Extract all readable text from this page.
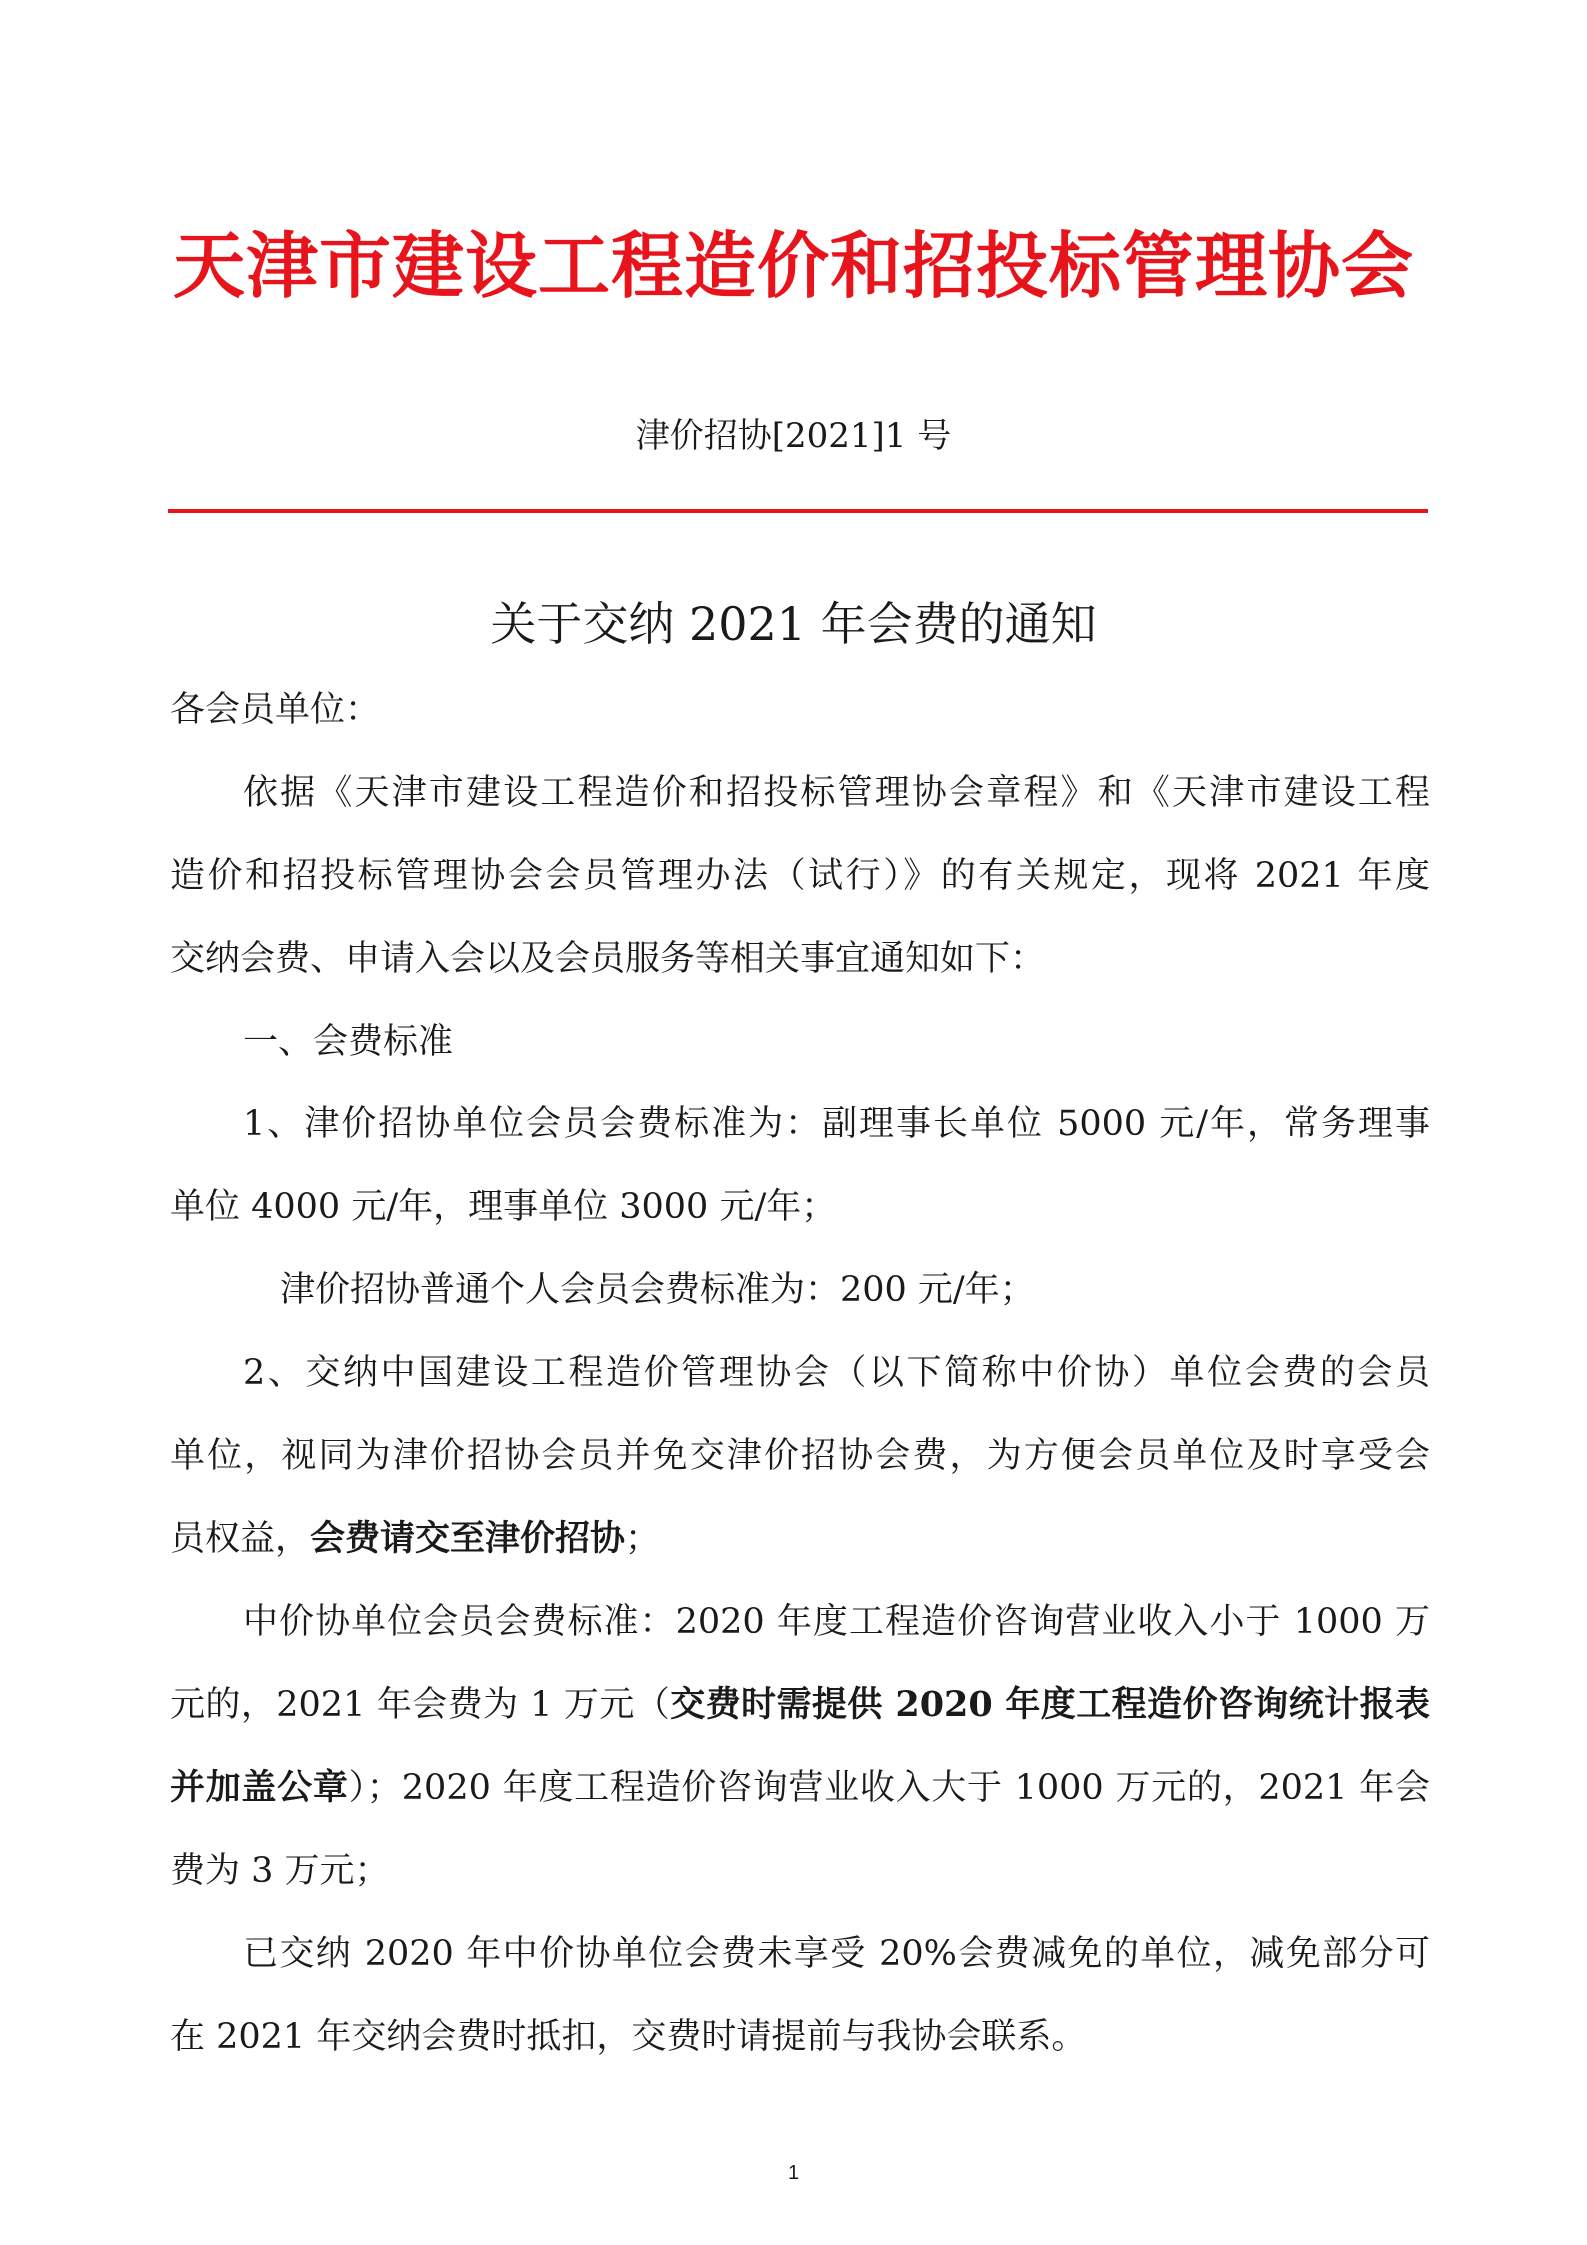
天津市建设工程造价和招投标管理协会
津价招协[2021]1 号
关于交纳 2021 年会费的通知
各会员单位：
依据《天津市建设工程造价和招投标管理协会章程》和《天津市建设工程
造价和招投标管理协会会员管理办法（试行）》的有关规定，现将 2021 年度
交纳会费、申请入会以及会员服务等相关事宜通知如下：
一、会费标准
1、津价招协单位会员会费标准为：副理事长单位 5000 元/年，常务理事
单位 4000 元/年，理事单位 3000 元/年；
津价招协普通个人会员会费标准为：200 元/年；
2、交纳中国建设工程造价管理协会（以下简称中价协）单位会费的会员
单位，视同为津价招协会员并免交津价招协会费，为方便会员单位及时享受会
员权益，会费请交至津价招协；
中价协单位会员会费标准：2020 年度工程造价咨询营业收入小于 1000 万
元的，2021 年会费为 1 万元（交费时需提供 2020 年度工程造价咨询统计报表
并加盖公章）；2020 年度工程造价咨询营业收入大于 1000 万元的，2021 年会
费为 3 万元；
已交纳 2020 年中价协单位会费未享受 20%会费减免的单位，减免部分可
在 2021 年交纳会费时抵扣，交费时请提前与我协会联系。
1
